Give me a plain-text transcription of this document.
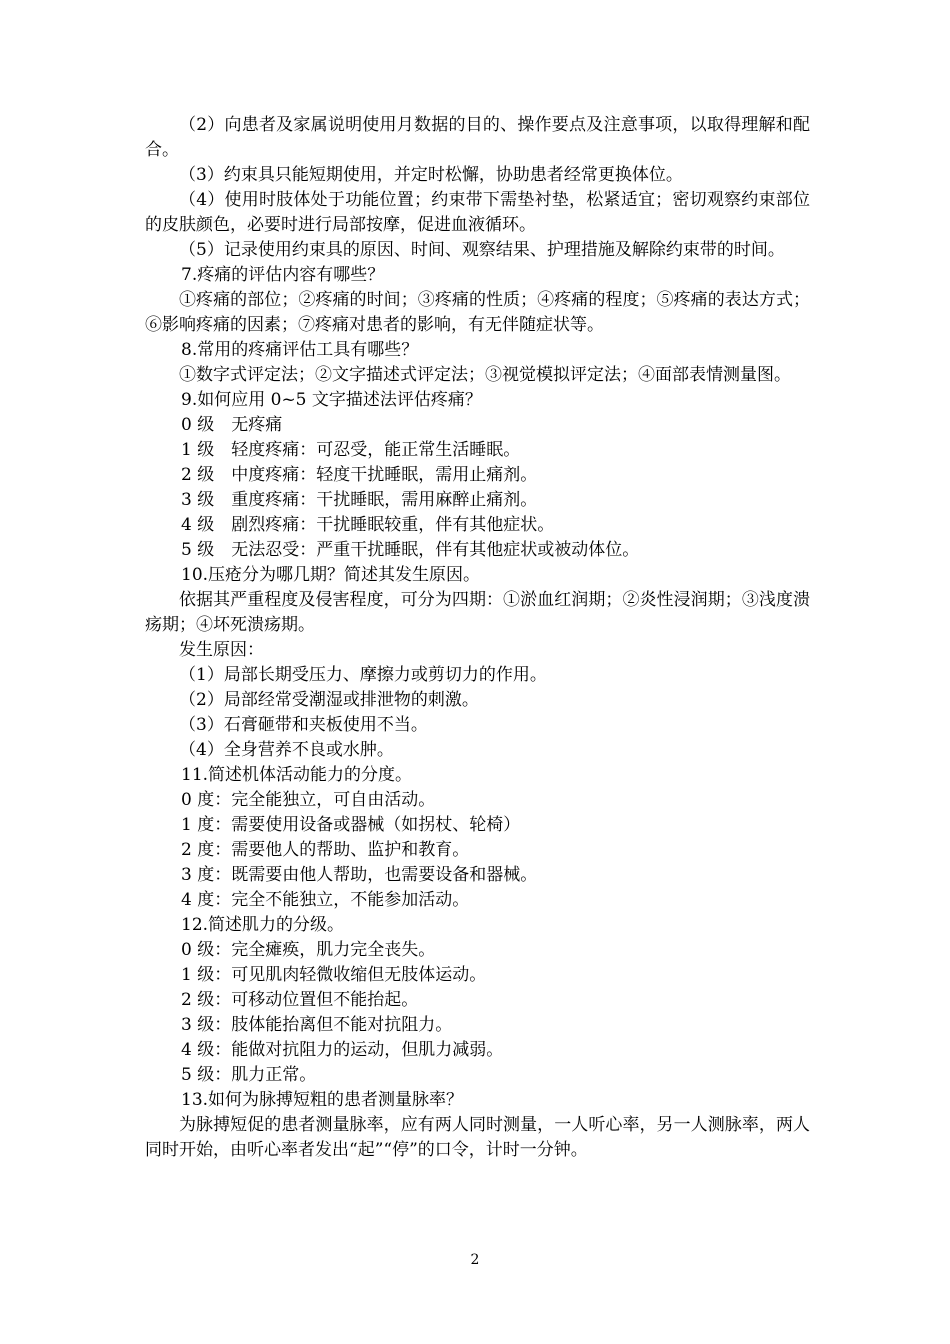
（2）向患者及家属说明使用月数据的目的、操作要点及注意事项，以取得理解和配合。

（3）约束具只能短期使用，并定时松懈，协助患者经常更换体位。

（4）使用时肢体处于功能位置；约束带下需垫衬垫，松紧适宜；密切观察约束部位的皮肤颜色，必要时进行局部按摩，促进血液循环。

（5）记录使用约束具的原因、时间、观察结果、护理措施及解除约束带的时间。

7.疼痛的评估内容有哪些？

①疼痛的部位；②疼痛的时间；③疼痛的性质；④疼痛的程度；⑤疼痛的表达方式；⑥影响疼痛的因素；⑦疼痛对患者的影响，有无伴随症状等。

8.常用的疼痛评估工具有哪些？

①数字式评定法；②文字描述式评定法；③视觉模拟评定法；④面部表情测量图。

9.如何应用 0~5 文字描述法评估疼痛？

0 级　无疼痛

1 级　轻度疼痛：可忍受，能正常生活睡眠。

2 级　中度疼痛：轻度干扰睡眠，需用止痛剂。

3 级　重度疼痛：干扰睡眠，需用麻醉止痛剂。

4 级　剧烈疼痛：干扰睡眠较重，伴有其他症状。

5 级　无法忍受：严重干扰睡眠，伴有其他症状或被动体位。

10.压疮分为哪几期？简述其发生原因。

依据其严重程度及侵害程度，可分为四期：①淤血红润期；②炎性浸润期；③浅度溃疡期；④坏死溃疡期。

发生原因：

（1）局部长期受压力、摩擦力或剪切力的作用。

（2）局部经常受潮湿或排泄物的刺激。

（3）石膏砸带和夹板使用不当。

（4）全身营养不良或水肿。

11.简述机体活动能力的分度。

0 度：完全能独立，可自由活动。

1 度：需要使用设备或器械（如拐杖、轮椅）

2 度：需要他人的帮助、监护和教育。

3 度：既需要由他人帮助，也需要设备和器械。

4 度：完全不能独立，不能参加活动。

12.简述肌力的分级。

0 级：完全瘫痪，肌力完全丧失。

1 级：可见肌肉轻微收缩但无肢体运动。

2 级：可移动位置但不能抬起。

3 级：肢体能抬离但不能对抗阻力。

4 级：能做对抗阻力的运动，但肌力减弱。

5 级：肌力正常。

13.如何为脉搏短粗的患者测量脉率？

为脉搏短促的患者测量脉率，应有两人同时测量，一人听心率，另一人测脉率，两人同时开始，由听心率者发出“起”“停”的口令，计时一分钟。

2
